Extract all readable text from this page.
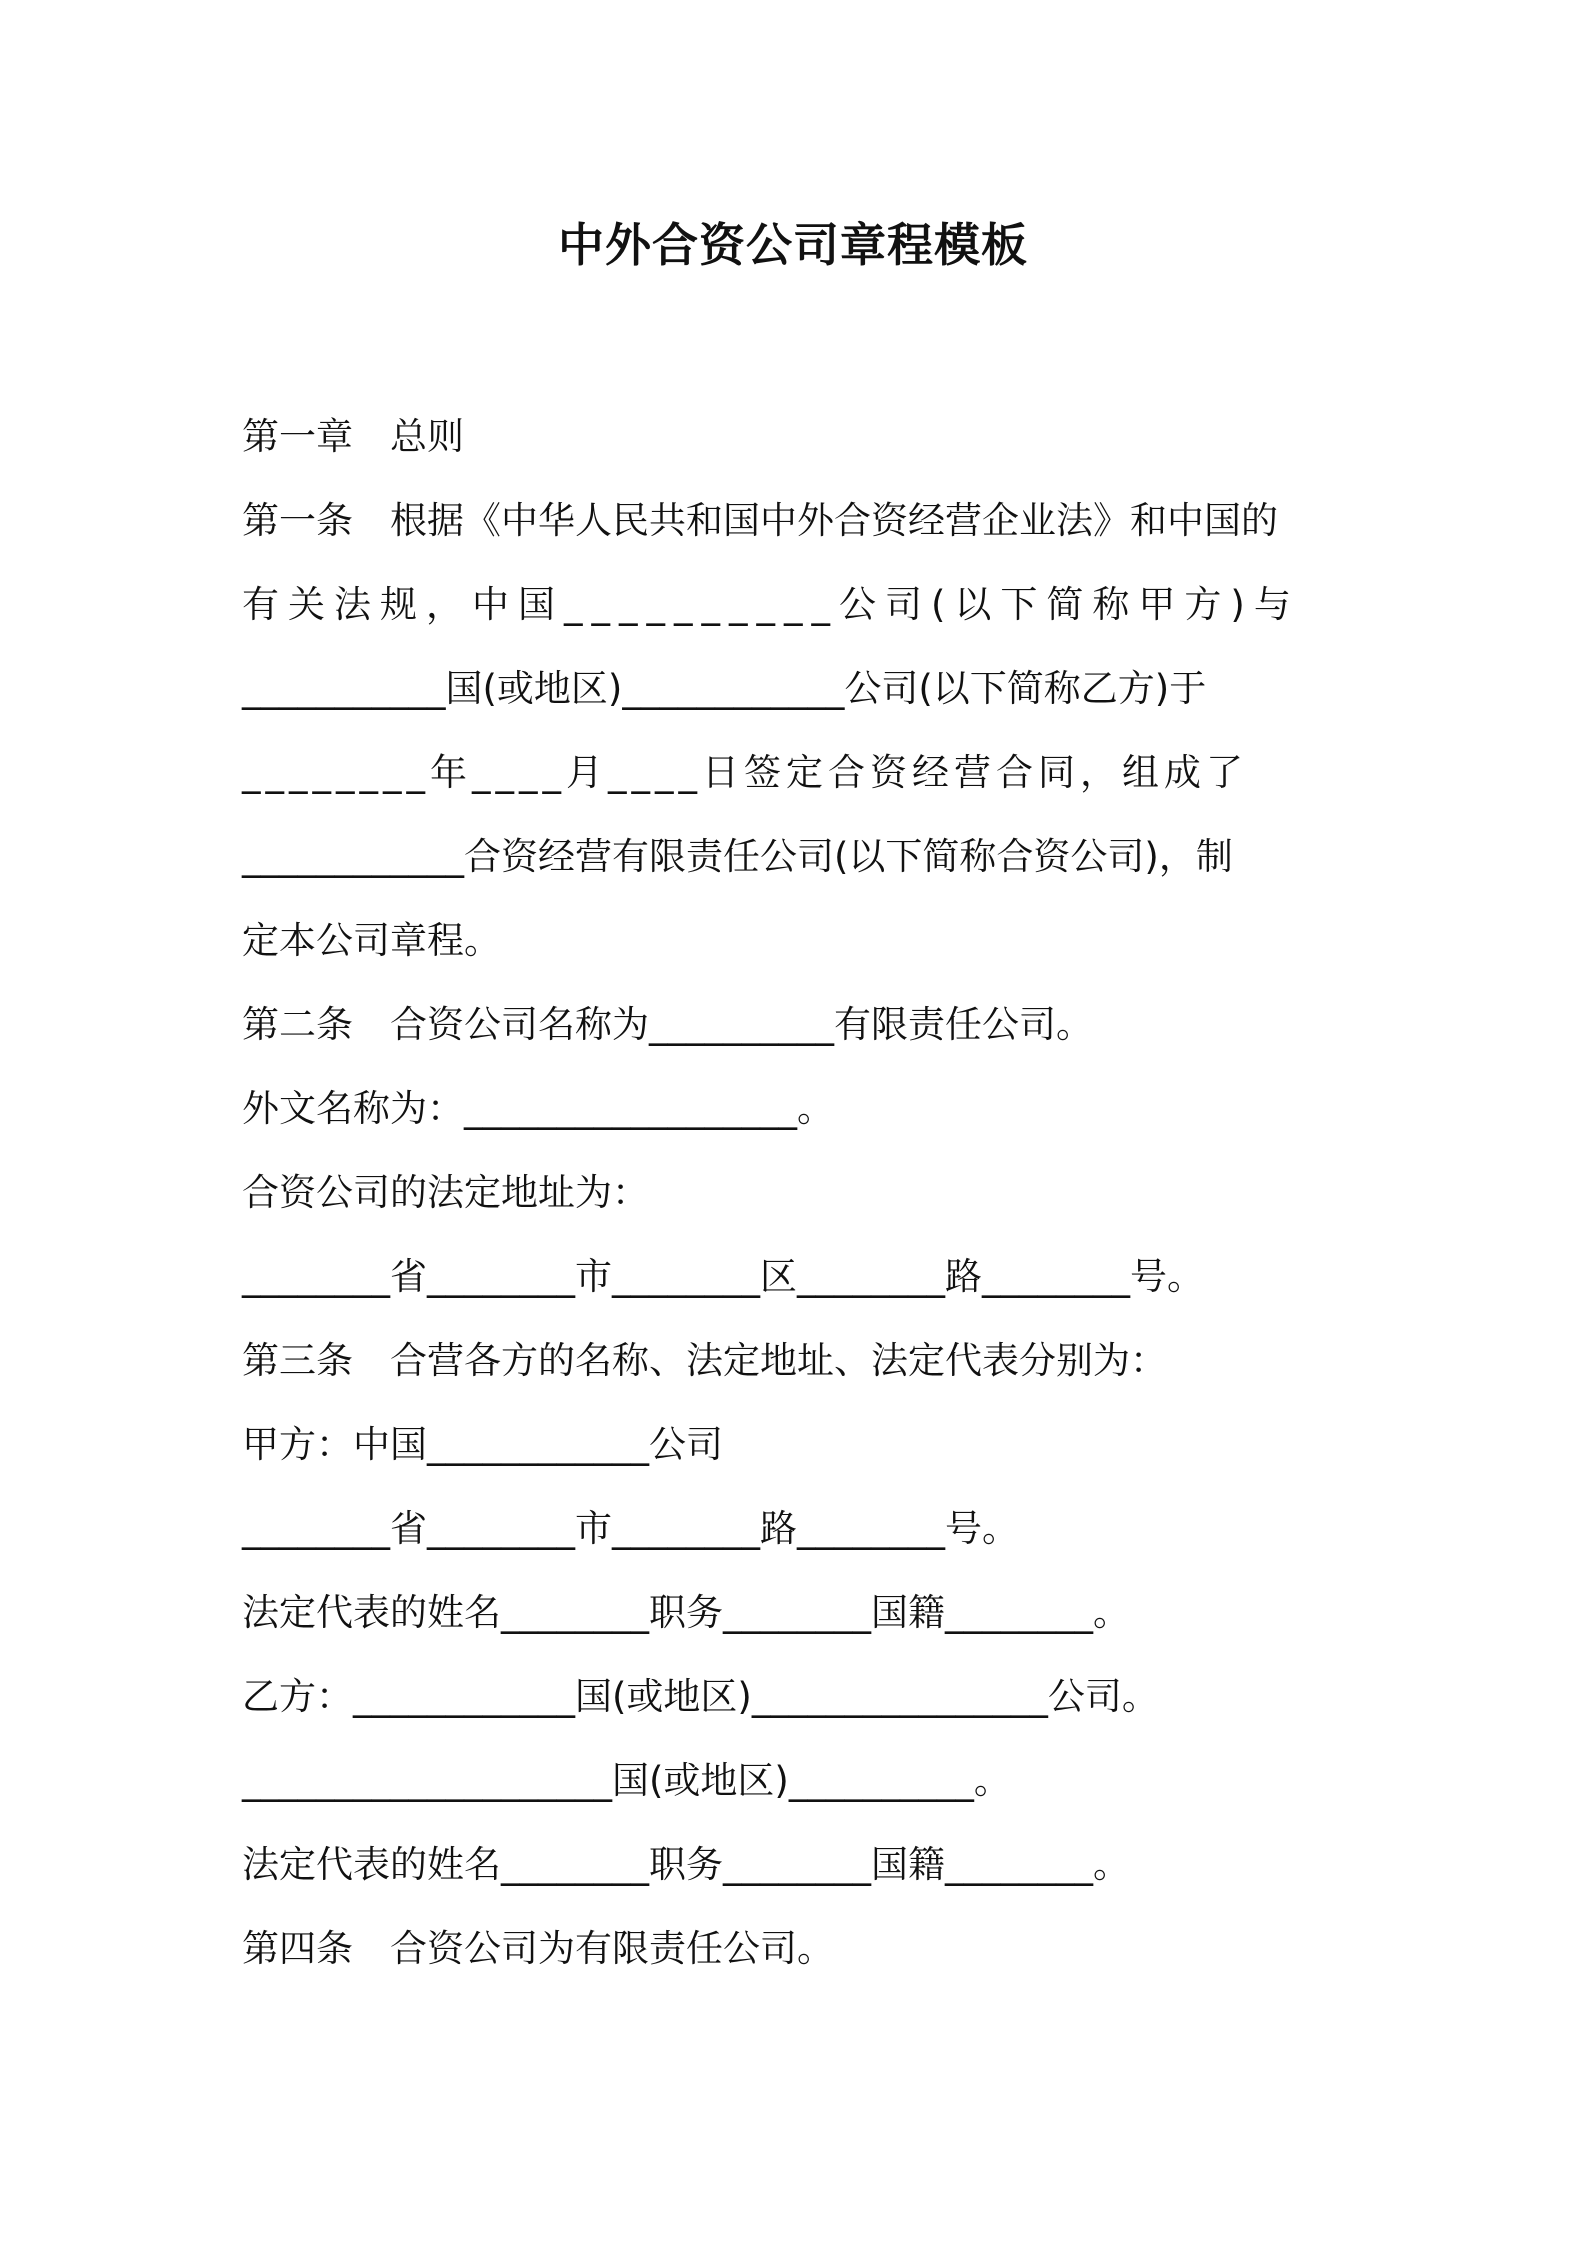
中外合资公司章程模板
第一章　总则
第一条　根据《中华人民共和国中外合资经营企业法》和中国的
有关法规，中国__________公司(以下简称甲方)与
___________国(或地区)____________公司(以下简称乙方)于
________年____月____日签定合资经营合同，组成了
____________合资经营有限责任公司(以下简称合资公司)，制
定本公司章程。
第二条　合资公司名称为__________有限责任公司。
外文名称为：__________________。
合资公司的法定地址为：
________省________市________区________路________号。
第三条　合营各方的名称、法定地址、法定代表分别为：
甲方：中国____________公司
________省________市________路________号。
法定代表的姓名________职务________国籍________。
乙方：____________国(或地区)________________公司。
____________________国(或地区)__________。
法定代表的姓名________职务________国籍________。
第四条　合资公司为有限责任公司。
